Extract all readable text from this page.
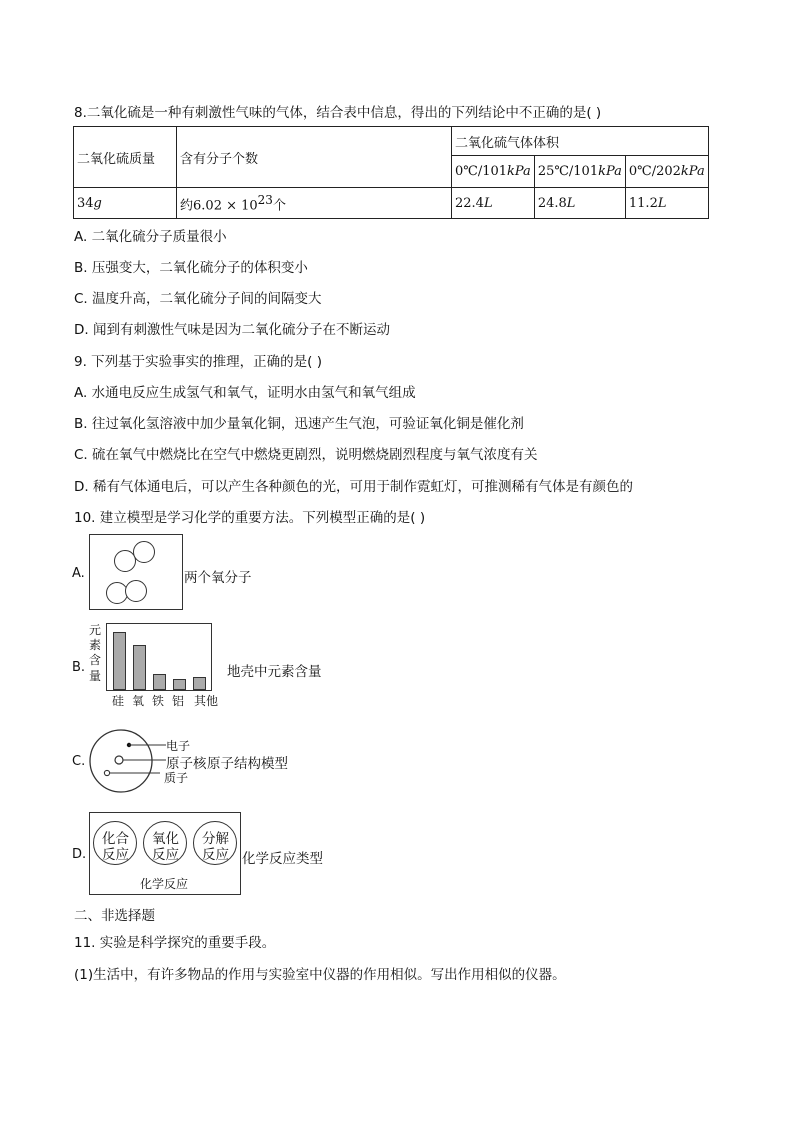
8.二氧化硫是一种有刺激性气味的气体，结合表中信息，得出的下列结论中不正确的是( )
二氧化硫质量	含有分子个数	二氧化硫气体体积		
		0℃/101kPa	25℃/101kPa	0℃/202kPa
34g	约$6.02 \times 10^{23}$个	22.4L	24.8L	11.2L
A. 二氧化硫分子质量很小
B. 压强变大，二氧化硫分子的体积变小
C. 温度升高，二氧化硫分子间的间隔变大
D. 闻到有刺激性气味是因为二氧化硫分子在不断运动
9. 下列基于实验事实的推理，正确的是( )
A. 水通电反应生成氢气和氧气，证明水由氢气和氧气组成
B. 往过氧化氢溶液中加少量氧化铜，迅速产生气泡，可验证氧化铜是催化剂
C. 硫在氧气中燃烧比在空气中燃烧更剧烈，说明燃烧剧烈程度与氧气浓度有关
D. 稀有气体通电后，可以产生各种颜色的光，可用于制作霓虹灯，可推测稀有气体是有颜色的
10. 建立模型是学习化学的重要方法。下列模型正确的是( )
A.	两个氧分子
B.
元
素
含
量
硅 氧 铁 铝 其他
地壳中元素含量
C.
电子
原子核 原子结构模型
质子
D.
化合
反应
氧化
反应
分解
反应
化学反应
化学反应类型
二、非选择题
11. 实验是科学探究的重要手段。
(1)生活中，有许多物品的作用与实验室中仪器的作用相似。写出作用相似的仪器。
